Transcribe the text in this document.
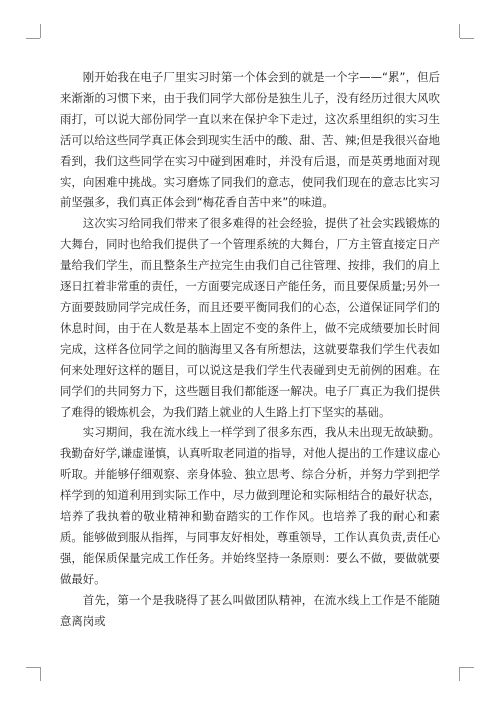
刚开始我在电子厂里实习时第一个体会到的就是一个字——“累”，但后来渐渐的习惯下来，由于我们同学大部份是独生儿子，没有经历过很大风吹雨打，可以说大部份同学一直以来在保护伞下走过，这次系里组织的实习生活可以给这些同学真正体会到现实生活中的酸、甜、苦、辣;但是我很兴奋地看到，我们这些同学在实习中碰到困难时，并没有后退，而是英勇地面对现实，向困难中挑战。实习磨炼了同我们的意志，使同我们现在的意志比实习前坚强多，我们真正体会到“梅花香自苦中来”的味道。

这次实习给同我们带来了很多难得的社会经验，提供了社会实践锻炼的大舞台，同时也给我们提供了一个管理系统的大舞台，厂方主管直接定日产量给我们学生，而且整条生产拉完生由我们自己往管理、按排，我们的肩上逐日扛着非常重的责任，一方面要完成逐日产能任务，而且要保质量;另外一方面要鼓励同学完成任务，而且还要平衡同我们的心态，公道保证同学们的休息时间，由于在人数是基本上固定不变的条件上，做不完成绩要加长时间完成，这样各位同学之间的脑海里又各有所想法，这就要靠我们学生代表如何来处理好这样的题目，可以说这是我们学生代表碰到史无前例的困难。在同学们的共同努力下，这些题目我们都能逐一解决。电子厂真正为我们提供了难得的锻炼机会，为我们踏上就业的人生路上打下坚实的基础。

实习期间，我在流水线上一样学到了很多东西，我从未出现无故缺勤。我勤奋好学,谦虚谨慎，认真听取老同道的指导，对他人提出的工作建议虚心听取。并能够仔细观察、亲身体验、独立思考、综合分析，并努力学到把学样学到的知道利用到实际工作中，尽力做到理论和实际相结合的最好状态，培养了我执着的敬业精神和勤奋踏实的工作作风。也培养了我的耐心和素质。能够做到服从指挥，与同事友好相处，尊重领导，工作认真负责,责任心强，能保质保量完成工作任务。并始终坚持一条原则：要么不做，要做就要做最好。

首先，第一个是我晓得了甚么叫做团队精神，在流水线上工作是不能随意离岗或
